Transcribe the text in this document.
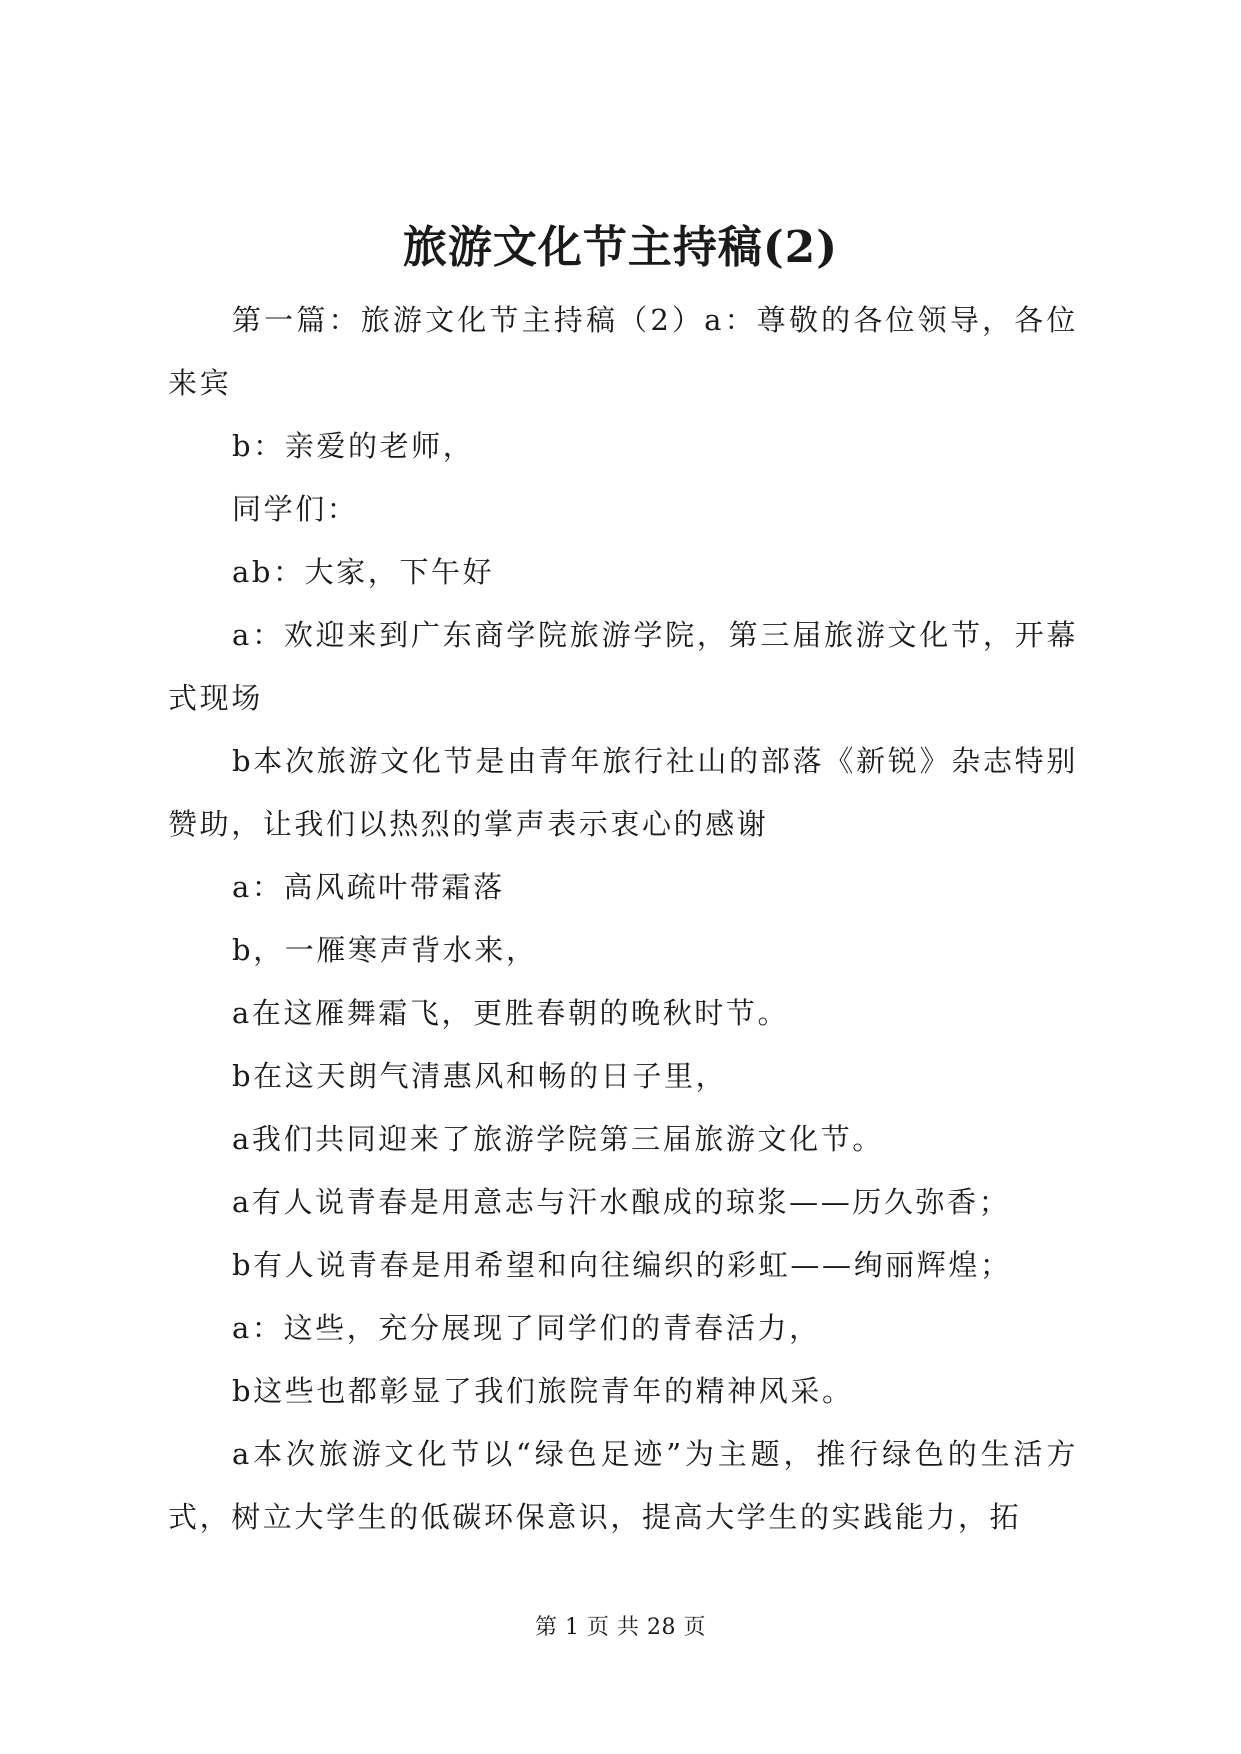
旅游文化节主持稿(2)

第一篇：旅游文化节主持稿（2）a：尊敬的各位领导，各位来宾

b：亲爱的老师，

同学们：

ab：大家，下午好

a：欢迎来到广东商学院旅游学院，第三届旅游文化节，开幕式现场

b本次旅游文化节是由青年旅行社山的部落《新锐》杂志特别赞助，让我们以热烈的掌声表示衷心的感谢

a：高风疏叶带霜落

b，一雁寒声背水来，

a在这雁舞霜飞，更胜春朝的晚秋时节。

b在这天朗气清惠风和畅的日子里，

a我们共同迎来了旅游学院第三届旅游文化节。

a有人说青春是用意志与汗水酿成的琼浆——历久弥香；

b有人说青春是用希望和向往编织的彩虹——绚丽辉煌；

a：这些，充分展现了同学们的青春活力，

b这些也都彰显了我们旅院青年的精神风采。

a本次旅游文化节以“绿色足迹”为主题，推行绿色的生活方式，树立大学生的低碳环保意识，提高大学生的实践能力，拓

第 1 页 共 28 页
